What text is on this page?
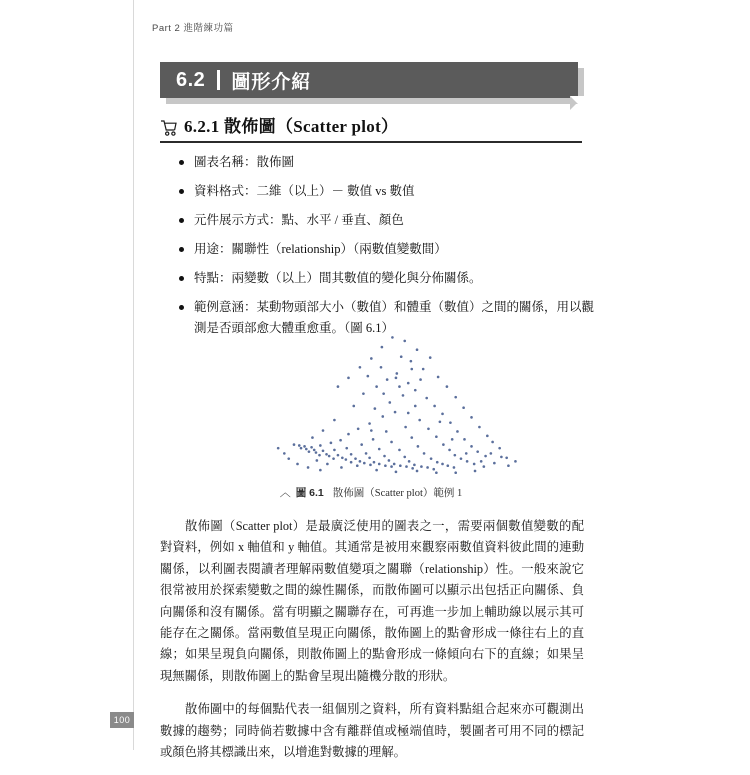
Part 2 進階練功篇
6.2	圖形介紹
6.2.1 散佈圖（Scatter plot）
圖表名稱：散佈圖
資料格式：二維（以上）－ 數值 vs 數值
元件展示方式：點、水平 / 垂直、顏色
用途：關聯性（relationship）（兩數值變數間）
特點：兩變數（以上）間其數值的變化與分佈關係。
範例意涵：某動物頭部大小（數值）和體重（數值）之間的關係，用以觀測是否頭部愈大體重愈重。（圖 6.1）
︿ 圖 6.1 散佈圖（Scatter plot）範例 1

散佈圖（Scatter plot）是最廣泛使用的圖表之一，需要兩個數值變數的配對資料，例如 x 軸值和 y 軸值。其通常是被用來觀察兩數值資料彼此間的連動關係，以利圖表閱讀者理解兩數值變項之關聯（relationship）性。一般來說它很常被用於探索變數之間的線性關係，而散佈圖可以顯示出包括正向關係、負向關係和沒有關係。當有明顯之關聯存在，可再進一步加上輔助線以展示其可能存在之關係。當兩數值呈現正向關係，散佈圖上的點會形成一條往右上的直線；如果呈現負向關係，則散佈圖上的點會形成一條傾向右下的直線；如果呈現無關係，則散佈圖上的點會呈現出隨機分散的形狀。

散佈圖中的每個點代表一組個別之資料，所有資料點組合起來亦可觀測出數據的趨勢；同時倘若數據中含有離群值或極端值時，製圖者可用不同的標記或顏色將其標識出來，以增進對數據的理解。

100
